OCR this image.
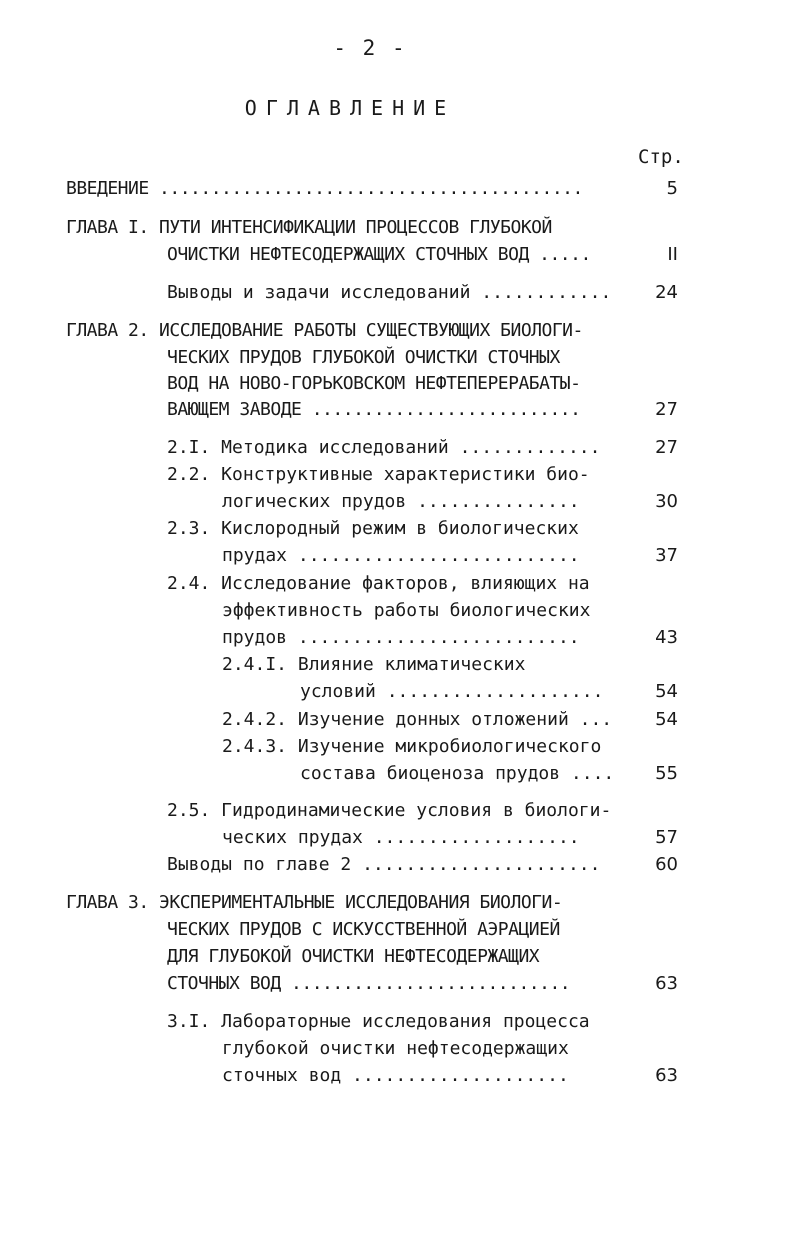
- 2 -
ОГЛАВЛЕНИЕ
Стр.
ВВЕДЕНИЕ .........................................	5
ГЛАВА I. ПУТИ ИНТЕНСИФИКАЦИИ ПРОЦЕССОВ ГЛУБОКОЙ
ОЧИСТКИ НЕФТЕСОДЕРЖАЩИХ СТОЧНЫХ ВОД .....	II
Выводы и задачи исследований ............	24
ГЛАВА 2. ИССЛЕДОВАНИЕ РАБОТЫ СУЩЕСТВУЮЩИХ БИОЛОГИ-
ЧЕСКИХ ПРУДОВ ГЛУБОКОЙ ОЧИСТКИ СТОЧНЫХ
ВОД НА НОВО-ГОРЬКОВСКОМ НЕФТЕПЕРЕРАБАТЫ-
ВАЮЩЕМ ЗАВОДЕ ..........................	27
2.I. Методика исследований .............	27
2.2. Конструктивные характеристики био-
логических прудов ...............	30
2.3. Кислородный режим в биологических
прудах ..........................	37
2.4. Исследование факторов, влияющих на
эффективность работы биологических
прудов ..........................	43
2.4.I. Влияние климатических
условий ....................	54
2.4.2. Изучение донных отложений ...	54
2.4.3. Изучение микробиологического
состава биоценоза прудов ....	55
2.5. Гидродинамические условия в биологи-
ческих прудах ...................	57
Выводы по главе 2 ......................	60
ГЛАВА 3. ЭКСПЕРИМЕНТАЛЬНЫЕ ИССЛЕДОВАНИЯ БИОЛОГИ-
ЧЕСКИХ ПРУДОВ С ИСКУССТВЕННОЙ АЭРАЦИЕЙ
ДЛЯ ГЛУБОКОЙ ОЧИСТКИ НЕФТЕСОДЕРЖАЩИХ
СТОЧНЫХ ВОД ...........................	63
3.I. Лабораторные исследования процесса
глубокой очистки нефтесодержащих
сточных вод ....................	63
